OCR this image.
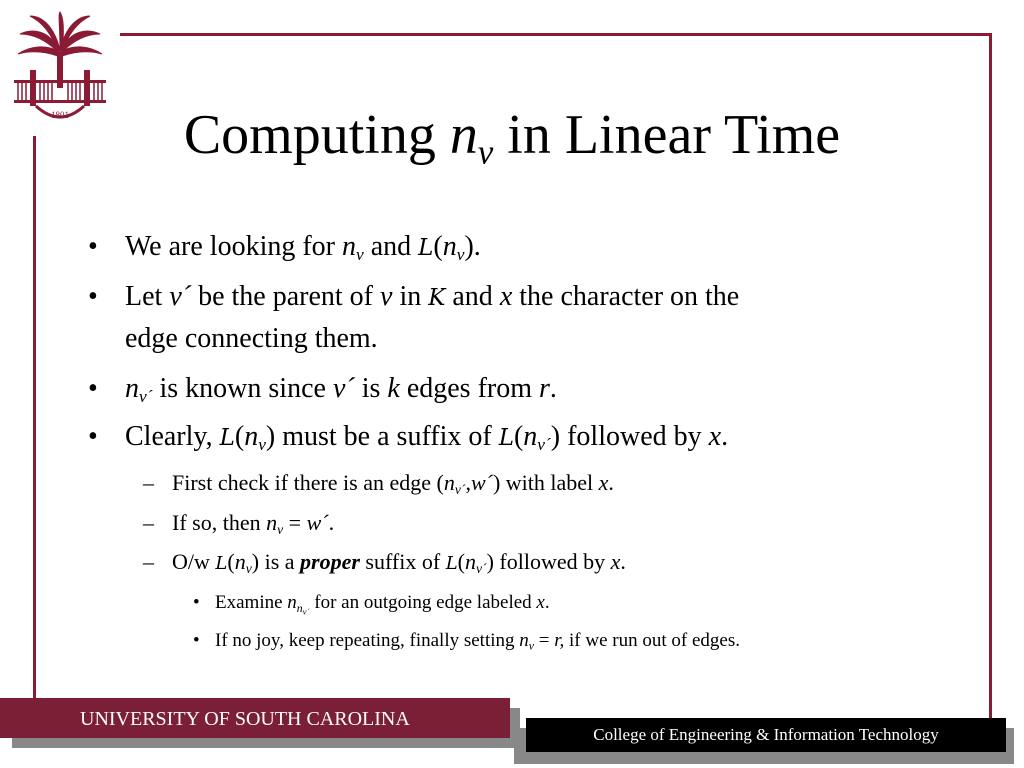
1801	Computing $n_v$ in Linear Time
• We are looking for $n_v$ and $L(n_v)$.
• Let v´ be the parent of v in K and x the character on the
edge connecting them.
• $n_{v´}$ is known since v´ is k edges from r.
• Clearly, $L(n_v)$ must be a suffix of $L(n_{v´})$ followed by x.
– First check if there is an edge $(n_{v´},w´)$ with label x.
– If so, then $n_v$ = w´.
– O/w $L(n_v)$ is a proper suffix of $L(n_{v´})$ followed by x.
• Examine $n_{n_{v´}}$ for an outgoing edge labeled x.
• If no joy, keep repeating, finally setting $n_v = r$, if we run out of edges.
UNIVERSITY OF SOUTH CAROLINA
College of Engineering & Information Technology
